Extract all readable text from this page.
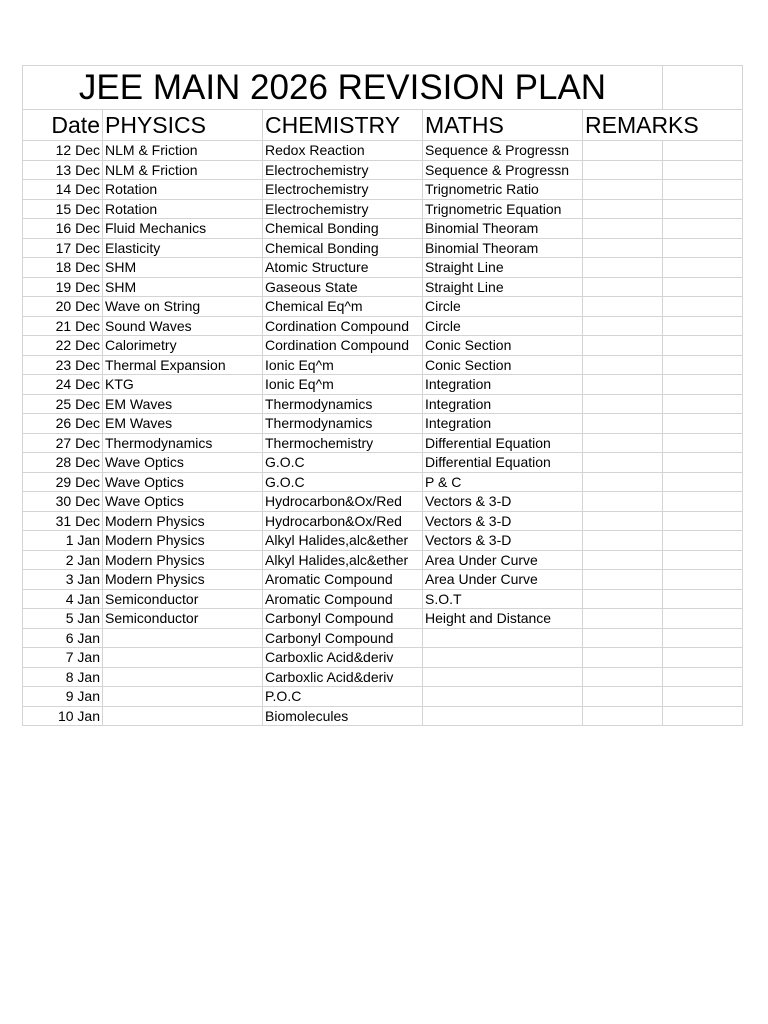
JEE MAIN 2026 REVISION PLAN					
Date	PHYSICS	CHEMISTRY	MATHS	REMARKS	
12 Dec	NLM & Friction	Redox Reaction	Sequence & Progressn		
13 Dec	NLM & Friction	Electrochemistry	Sequence & Progressn		
14 Dec	Rotation	Electrochemistry	Trignometric Ratio		
15 Dec	Rotation	Electrochemistry	Trignometric Equation		
16 Dec	Fluid Mechanics	Chemical Bonding	Binomial Theoram		
17 Dec	Elasticity	Chemical Bonding	Binomial Theoram		
18 Dec	SHM	Atomic Structure	Straight Line		
19 Dec	SHM	Gaseous State	Straight Line		
20 Dec	Wave on String	Chemical Eq^m	Circle		
21 Dec	Sound Waves	Cordination Compound	Circle		
22 Dec	Calorimetry	Cordination Compound	Conic Section		
23 Dec	Thermal Expansion	Ionic Eq^m	Conic Section		
24 Dec	KTG	Ionic Eq^m	Integration		
25 Dec	EM Waves	Thermodynamics	Integration		
26 Dec	EM Waves	Thermodynamics	Integration		
27 Dec	Thermodynamics	Thermochemistry	Differential Equation		
28 Dec	Wave Optics	G.O.C	Differential Equation		
29 Dec	Wave Optics	G.O.C	P & C		
30 Dec	Wave Optics	Hydrocarbon&Ox/Red	Vectors & 3-D		
31 Dec	Modern Physics	Hydrocarbon&Ox/Red	Vectors & 3-D		
1 Jan	Modern Physics	Alkyl Halides,alc&ether	Vectors & 3-D		
2 Jan	Modern Physics	Alkyl Halides,alc&ether	Area Under Curve		
3 Jan	Modern Physics	Aromatic Compound	Area Under Curve		
4 Jan	Semiconductor	Aromatic Compound	S.O.T		
5 Jan	Semiconductor	Carbonyl Compound	Height and Distance		
6 Jan		Carbonyl Compound			
7 Jan		Carboxlic Acid&deriv			
8 Jan		Carboxlic Acid&deriv			
9 Jan		P.O.C			
10 Jan		Biomolecules			
